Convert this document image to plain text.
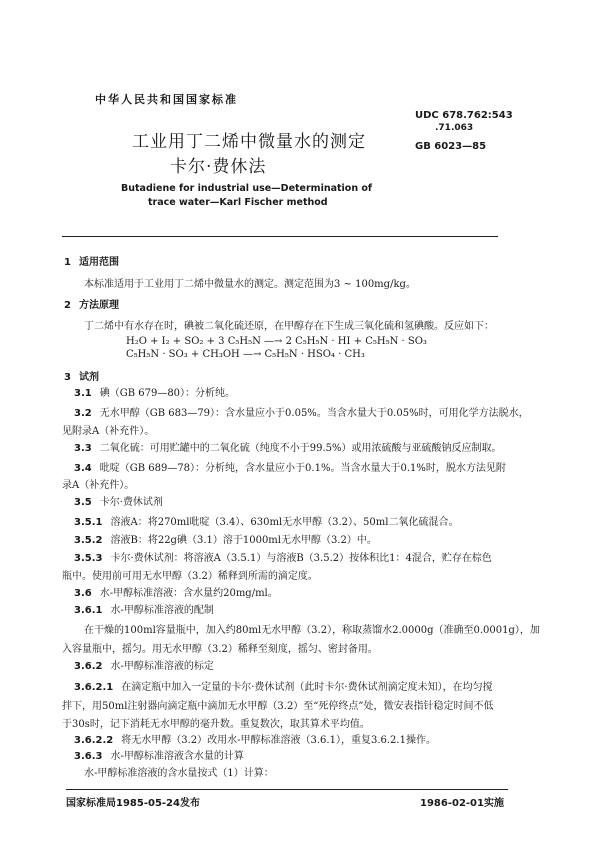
中华人民共和国国家标准
UDC 678.762:543
.71.063
GB 6023—85
工业用丁二烯中微量水的测定
卡尔·费休法
Butadiene for industrial use—Determination of
trace water—Karl Fischer method
1 适用范围
本标准适用于工业用丁二烯中微量水的测定。测定范围为3 ~ 100mg/kg。
2 方法原理
丁二烯中有水存在时，碘被二氧化硫还原，在甲醇存在下生成三氧化硫和氢碘酸。反应如下：
H₂O + I₂ + SO₂ + 3 C₅H₅N —→ 2 C₅H₅N · HI + C₅H₅N · SO₃
C₅H₅N · SO₃ + CH₃OH —→ C₅H₅N · HSO₄ · CH₃
3 试剂
3.1 碘（GB 679—80）：分析纯。
3.2 无水甲醇（GB 683—79）：含水量应小于0.05%。当含水量大于0.05%时，可用化学方法脱水，
见附录A（补充件）。
3.3 二氧化硫：可用贮罐中的二氧化硫（纯度不小于99.5%）或用浓硫酸与亚硫酸钠反应制取。
3.4 吡啶（GB 689—78）：分析纯，含水量应小于0.1%。当含水量大于0.1%时，脱水方法见附
录A（补充件）。
3.5 卡尔·费休试剂
3.5.1 溶液A：将270ml吡啶（3.4）、630ml无水甲醇（3.2）、50ml二氧化硫混合。
3.5.2 溶液B：将22g碘（3.1）溶于1000ml无水甲醇（3.2）中。
3.5.3 卡尔·费休试剂：将溶液A（3.5.1）与溶液B（3.5.2）按体积比1：4混合，贮存在棕色
瓶中。使用前可用无水甲醇（3.2）稀释到所需的滴定度。
3.6 水-甲醇标准溶液：含水量约20mg/ml。
3.6.1 水-甲醇标准溶液的配制
在干燥的100ml容量瓶中，加入约80ml无水甲醇（3.2），称取蒸馏水2.0000g（准确至0.0001g），加
入容量瓶中，摇匀。用无水甲醇（3.2）稀释至刻度，摇匀、密封备用。
3.6.2 水-甲醇标准溶液的标定
3.6.2.1 在滴定瓶中加入一定量的卡尔·费休试剂（此时卡尔·费休试剂滴定度未知），在均匀搅
拌下，用50ml注射器向滴定瓶中滴加无水甲醇（3.2）至“死停终点”处，微安表指针稳定时间不低
于30s时，记下消耗无水甲醇的毫升数。重复数次，取其算术平均值。
3.6.2.2 将无水甲醇（3.2）改用水-甲醇标准溶液（3.6.1），重复3.6.2.1操作。
3.6.3 水-甲醇标准溶液含水量的计算
水-甲醇标准溶液的含水量按式（1）计算：
国家标准局1985-05-24发布	1986-02-01实施
